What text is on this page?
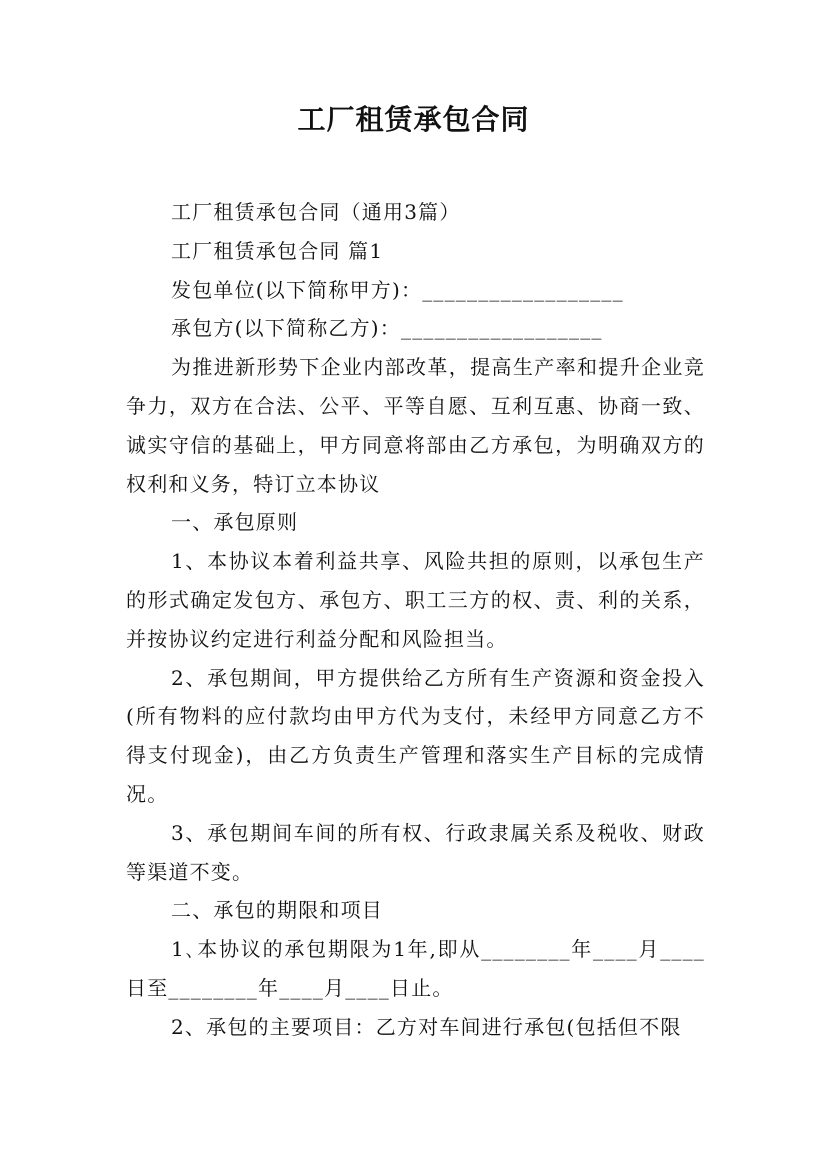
工厂租赁承包合同

工厂租赁承包合同（通用3篇）

工厂租赁承包合同 篇1

发包单位(以下简称甲方)：__________________

承包方(以下简称乙方)：__________________

为推进新形势下企业内部改革，提高生产率和提升企业竞争力，双方在合法、公平、平等自愿、互利互惠、协商一致、诚实守信的基础上，甲方同意将部由乙方承包，为明确双方的权利和义务，特订立本协议

一、承包原则

1、本协议本着利益共享、风险共担的原则，以承包生产的形式确定发包方、承包方、职工三方的权、责、利的关系，并按协议约定进行利益分配和风险担当。

2、承包期间，甲方提供给乙方所有生产资源和资金投入(所有物料的应付款均由甲方代为支付，未经甲方同意乙方不得支付现金)，由乙方负责生产管理和落实生产目标的完成情况。

3、承包期间车间的所有权、行政隶属关系及税收、财政等渠道不变。

二、承包的期限和项目

1､本协议的承包期限为1年,即从________年____月____日至________年____月____日止。

2、承包的主要项目：乙方对车间进行承包(包括但不限
